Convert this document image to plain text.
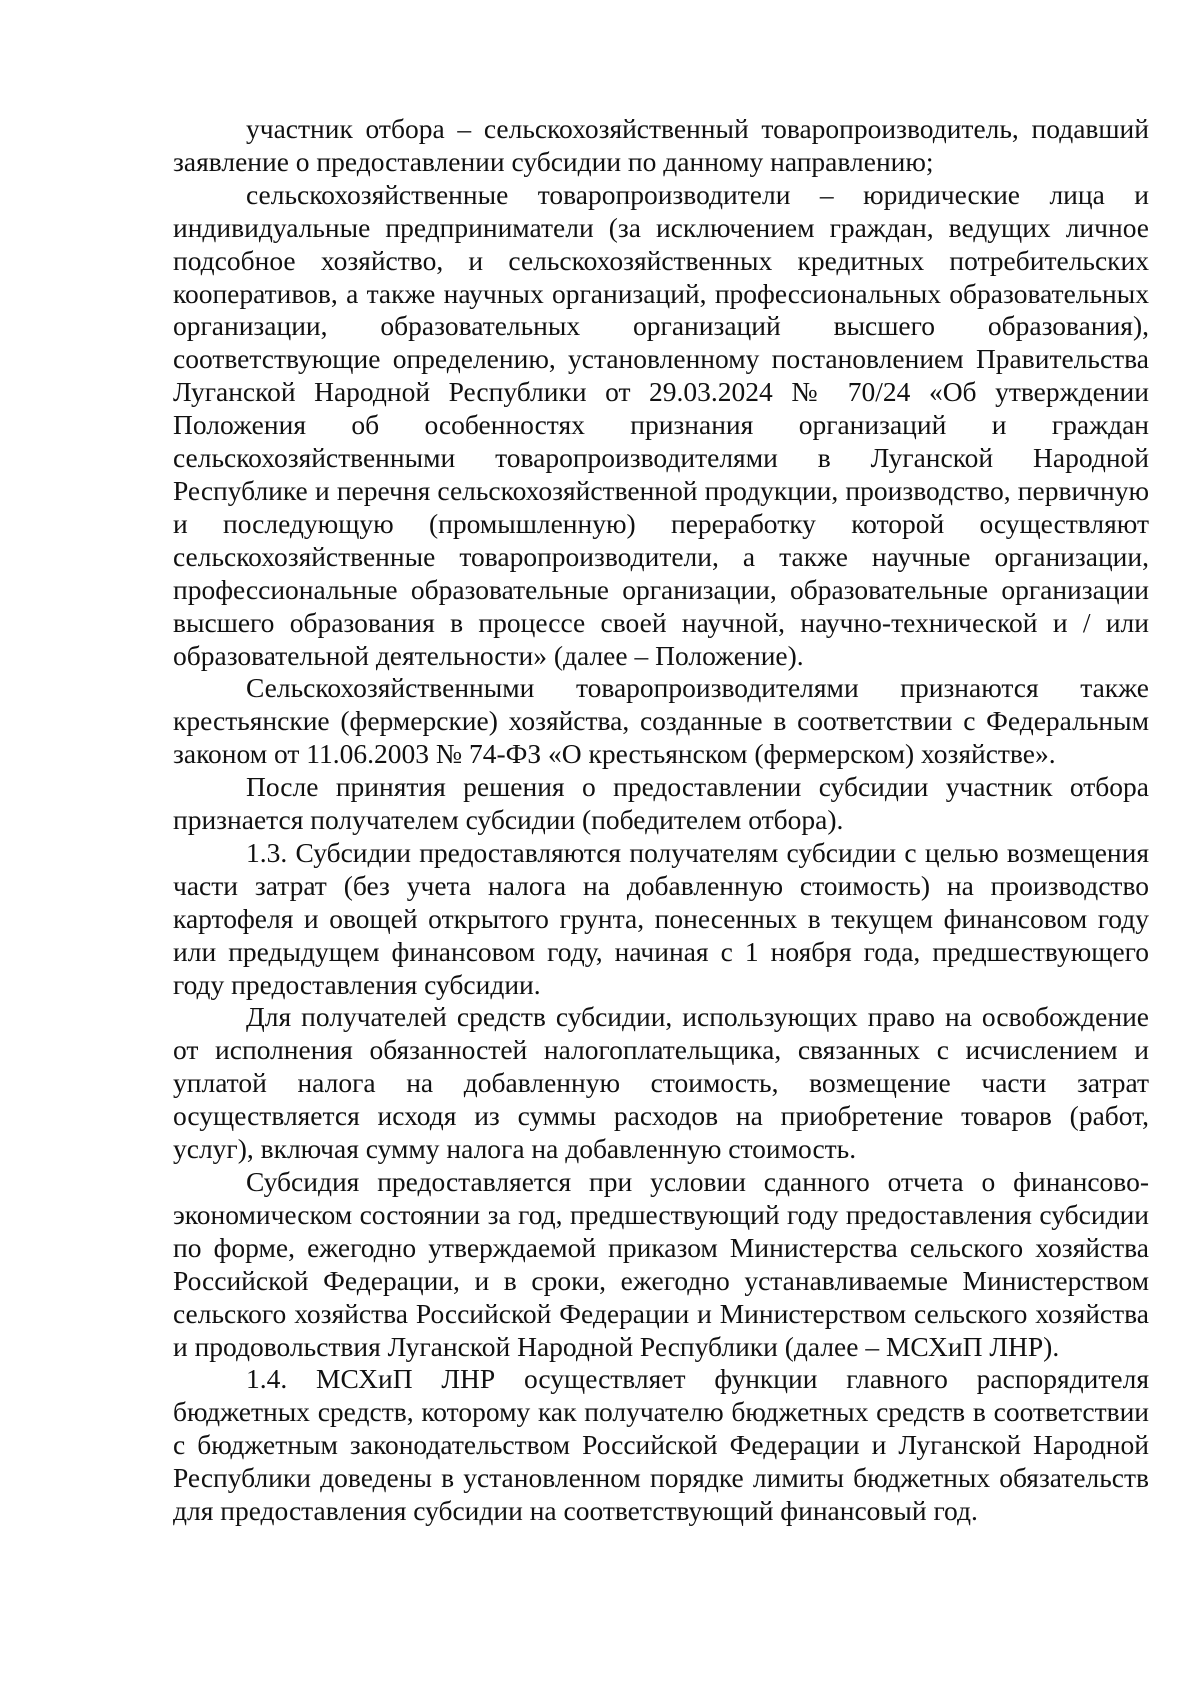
участник отбора – сельскохозяйственный товаропроизводитель, подавший заявление о предоставлении субсидии по данному направлению;

сельскохозяйственные товаропроизводители – юридические лица и индивидуальные предприниматели (за исключением граждан, ведущих личное подсобное хозяйство, и сельскохозяйственных кредитных потребительских кооперативов, а также научных организаций, профессиональных образовательных организации, образовательных организаций высшего образования), соответствующие определению, установленному постановлением Правительства Луганской Народной Республики от 29.03.2024 № 70/24 «Об утверждении Положения об особенностях признания организаций и граждан сельскохозяйственными товаропроизводителями в Луганской Народной Республике и перечня сельскохозяйственной продукции, производство, первичную и последующую (промышленную) переработку которой осуществляют сельскохозяйственные товаропроизводители, а также научные организации, профессиональные образовательные организации, образовательные организации высшего образования в процессе своей научной, научно-технической и / или образовательной деятельности» (далее – Положение).

Сельскохозяйственными товаропроизводителями признаются также крестьянские (фермерские) хозяйства, созданные в соответствии с Федеральным законом от 11.06.2003 № 74-ФЗ «О крестьянском (фермерском) хозяйстве».

После принятия решения о предоставлении субсидии участник отбора признается получателем субсидии (победителем отбора).

1.3. Субсидии предоставляются получателям субсидии с целью возмещения части затрат (без учета налога на добавленную стоимость) на производство картофеля и овощей открытого грунта, понесенных в текущем финансовом году или предыдущем финансовом году, начиная с 1 ноября года, предшествующего году предоставления субсидии.

Для получателей средств субсидии, использующих право на освобождение от исполнения обязанностей налогоплательщика, связанных с исчислением и уплатой налога на добавленную стоимость, возмещение части затрат осуществляется исходя из суммы расходов на приобретение товаров (работ, услуг), включая сумму налога на добавленную стоимость.

Субсидия предоставляется при условии сданного отчета о финансово-экономическом состоянии за год, предшествующий году предоставления субсидии по форме, ежегодно утверждаемой приказом Министерства сельского хозяйства Российской Федерации, и в сроки, ежегодно устанавливаемые Министерством сельского хозяйства Российской Федерации и Министерством сельского хозяйства и продовольствия Луганской Народной Республики (далее – МСХиП ЛНР).

1.4. МСХиП ЛНР осуществляет функции главного распорядителя бюджетных средств, которому как получателю бюджетных средств в соответствии с бюджетным законодательством Российской Федерации и Луганской Народной Республики доведены в установленном порядке лимиты бюджетных обязательств для предоставления субсидии на соответствующий финансовый год.
